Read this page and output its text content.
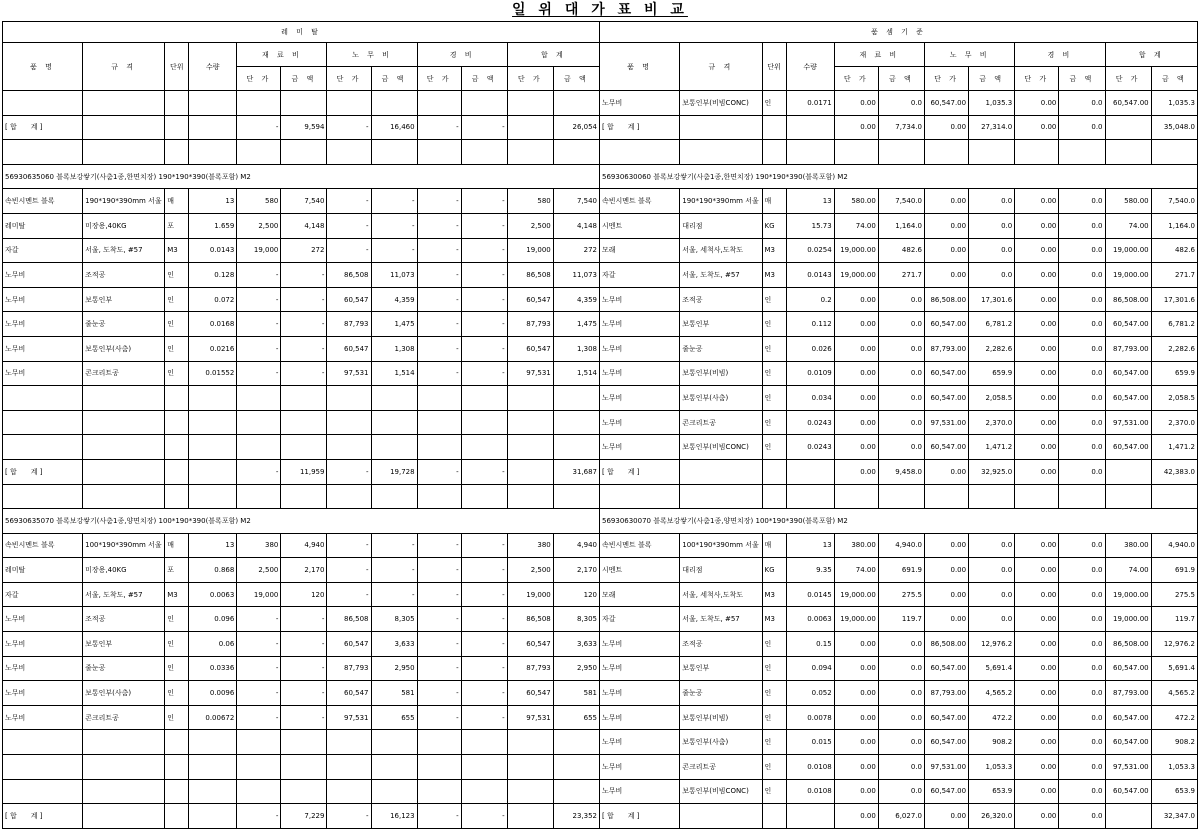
일 위 대 가 표 비 교
레 미 탈											
품 명	규 격	단위	수량	재 료 비		노 무 비		경 비		합 계	
				단 가	금 액	단 가	금 액	단 가	금 액	단 가	금 액

[ 합　　계 ]				-	9,594	-	16,460	-	-		26,054

56930635060 블록보강쌓기(사춤1종,한면치장) 190*190*390(블록포함) M2											
속빈시멘트 블록	190*190*390mm 서울	매	13	580	7,540	-	-	-	-	580	7,540
레미탈	미장용,40KG	포	1.659	2,500	4,148	-	-	-	-	2,500	4,148
자갈	서울, 도착도, #57	M3	0.0143	19,000	272	-	-	-	-	19,000	272
노무비	조적공	인	0.128	-	-	86,508	11,073	-	-	86,508	11,073
노무비	보통인부	인	0.072	-	-	60,547	4,359	-	-	60,547	4,359
노무비	줄눈공	인	0.0168	-	-	87,793	1,475	-	-	87,793	1,475
노무비	보통인부(사춤)	인	0.0216	-	-	60,547	1,308	-	-	60,547	1,308
노무비	콘크리트공	인	0.01552	-	-	97,531	1,514	-	-	97,531	1,514

[ 합　　계 ]				-	11,959	-	19,728	-	-		31,687

56930635070 블록보강쌓기(사춤1종,양면치장) 100*190*390(블록포함) M2											
속빈시멘트 블록	100*190*390mm 서울	매	13	380	4,940	-	-	-	-	380	4,940
레미탈	미장용,40KG	포	0.868	2,500	2,170	-	-	-	-	2,500	2,170
자갈	서울, 도착도, #57	M3	0.0063	19,000	120	-	-	-	-	19,000	120
노무비	조적공	인	0.096	-	-	86,508	8,305	-	-	86,508	8,305
노무비	보통인부	인	0.06	-	-	60,547	3,633	-	-	60,547	3,633
노무비	줄눈공	인	0.0336	-	-	87,793	2,950	-	-	87,793	2,950
노무비	보통인부(사춤)	인	0.0096	-	-	60,547	581	-	-	60,547	581
노무비	콘크리트공	인	0.00672	-	-	97,531	655	-	-	97,531	655

[ 합　　계 ]				-	7,229	-	16,123	-	-		23,352
품 셈 기 준											
품 명	규 격	단위	수량	재 료 비		노 무 비		경 비		합 계	
				단 가	금 액	단 가	금 액	단 가	금 액	단 가	금 액
노무비	보통인부(비빔CONC)	인	0.0171	0.00	0.0	60,547.00	1,035.3	0.00	0.0	60,547.00	1,035.3
[ 합　　계 ]				0.00	7,734.0	0.00	27,314.0	0.00	0.0		35,048.0

56930630060 블록보강쌓기(사춤1종,한면치장) 190*190*390(블록포함) M2											
속빈시멘트 블록	190*190*390mm 서울	매	13	580.00	7,540.0	0.00	0.0	0.00	0.0	580.00	7,540.0
시멘트	대리점	KG	15.73	74.00	1,164.0	0.00	0.0	0.00	0.0	74.00	1,164.0
모래	서울, 세척사,도착도	M3	0.0254	19,000.00	482.6	0.00	0.0	0.00	0.0	19,000.00	482.6
자갈	서울, 도착도, #57	M3	0.0143	19,000.00	271.7	0.00	0.0	0.00	0.0	19,000.00	271.7
노무비	조적공	인	0.2	0.00	0.0	86,508.00	17,301.6	0.00	0.0	86,508.00	17,301.6
노무비	보통인부	인	0.112	0.00	0.0	60,547.00	6,781.2	0.00	0.0	60,547.00	6,781.2
노무비	줄눈공	인	0.026	0.00	0.0	87,793.00	2,282.6	0.00	0.0	87,793.00	2,282.6
노무비	보통인부(비빔)	인	0.0109	0.00	0.0	60,547.00	659.9	0.00	0.0	60,547.00	659.9
노무비	보통인부(사춤)	인	0.034	0.00	0.0	60,547.00	2,058.5	0.00	0.0	60,547.00	2,058.5
노무비	콘크리트공	인	0.0243	0.00	0.0	97,531.00	2,370.0	0.00	0.0	97,531.00	2,370.0
노무비	보통인부(비빔CONC)	인	0.0243	0.00	0.0	60,547.00	1,471.2	0.00	0.0	60,547.00	1,471.2
[ 합　　계 ]				0.00	9,458.0	0.00	32,925.0	0.00	0.0		42,383.0

56930630070 블록보강쌓기(사춤1종,양면치장) 100*190*390(블록포함) M2											
속빈시멘트 블록	100*190*390mm 서울	매	13	380.00	4,940.0	0.00	0.0	0.00	0.0	380.00	4,940.0
시멘트	대리점	KG	9.35	74.00	691.9	0.00	0.0	0.00	0.0	74.00	691.9
모래	서울, 세척사,도착도	M3	0.0145	19,000.00	275.5	0.00	0.0	0.00	0.0	19,000.00	275.5
자갈	서울, 도착도, #57	M3	0.0063	19,000.00	119.7	0.00	0.0	0.00	0.0	19,000.00	119.7
노무비	조적공	인	0.15	0.00	0.0	86,508.00	12,976.2	0.00	0.0	86,508.00	12,976.2
노무비	보통인부	인	0.094	0.00	0.0	60,547.00	5,691.4	0.00	0.0	60,547.00	5,691.4
노무비	줄눈공	인	0.052	0.00	0.0	87,793.00	4,565.2	0.00	0.0	87,793.00	4,565.2
노무비	보통인부(비빔)	인	0.0078	0.00	0.0	60,547.00	472.2	0.00	0.0	60,547.00	472.2
노무비	보통인부(사춤)	인	0.015	0.00	0.0	60,547.00	908.2	0.00	0.0	60,547.00	908.2
노무비	콘크리트공	인	0.0108	0.00	0.0	97,531.00	1,053.3	0.00	0.0	97,531.00	1,053.3
노무비	보통인부(비빔CONC)	인	0.0108	0.00	0.0	60,547.00	653.9	0.00	0.0	60,547.00	653.9
[ 합　　계 ]				0.00	6,027.0	0.00	26,320.0	0.00	0.0		32,347.0
